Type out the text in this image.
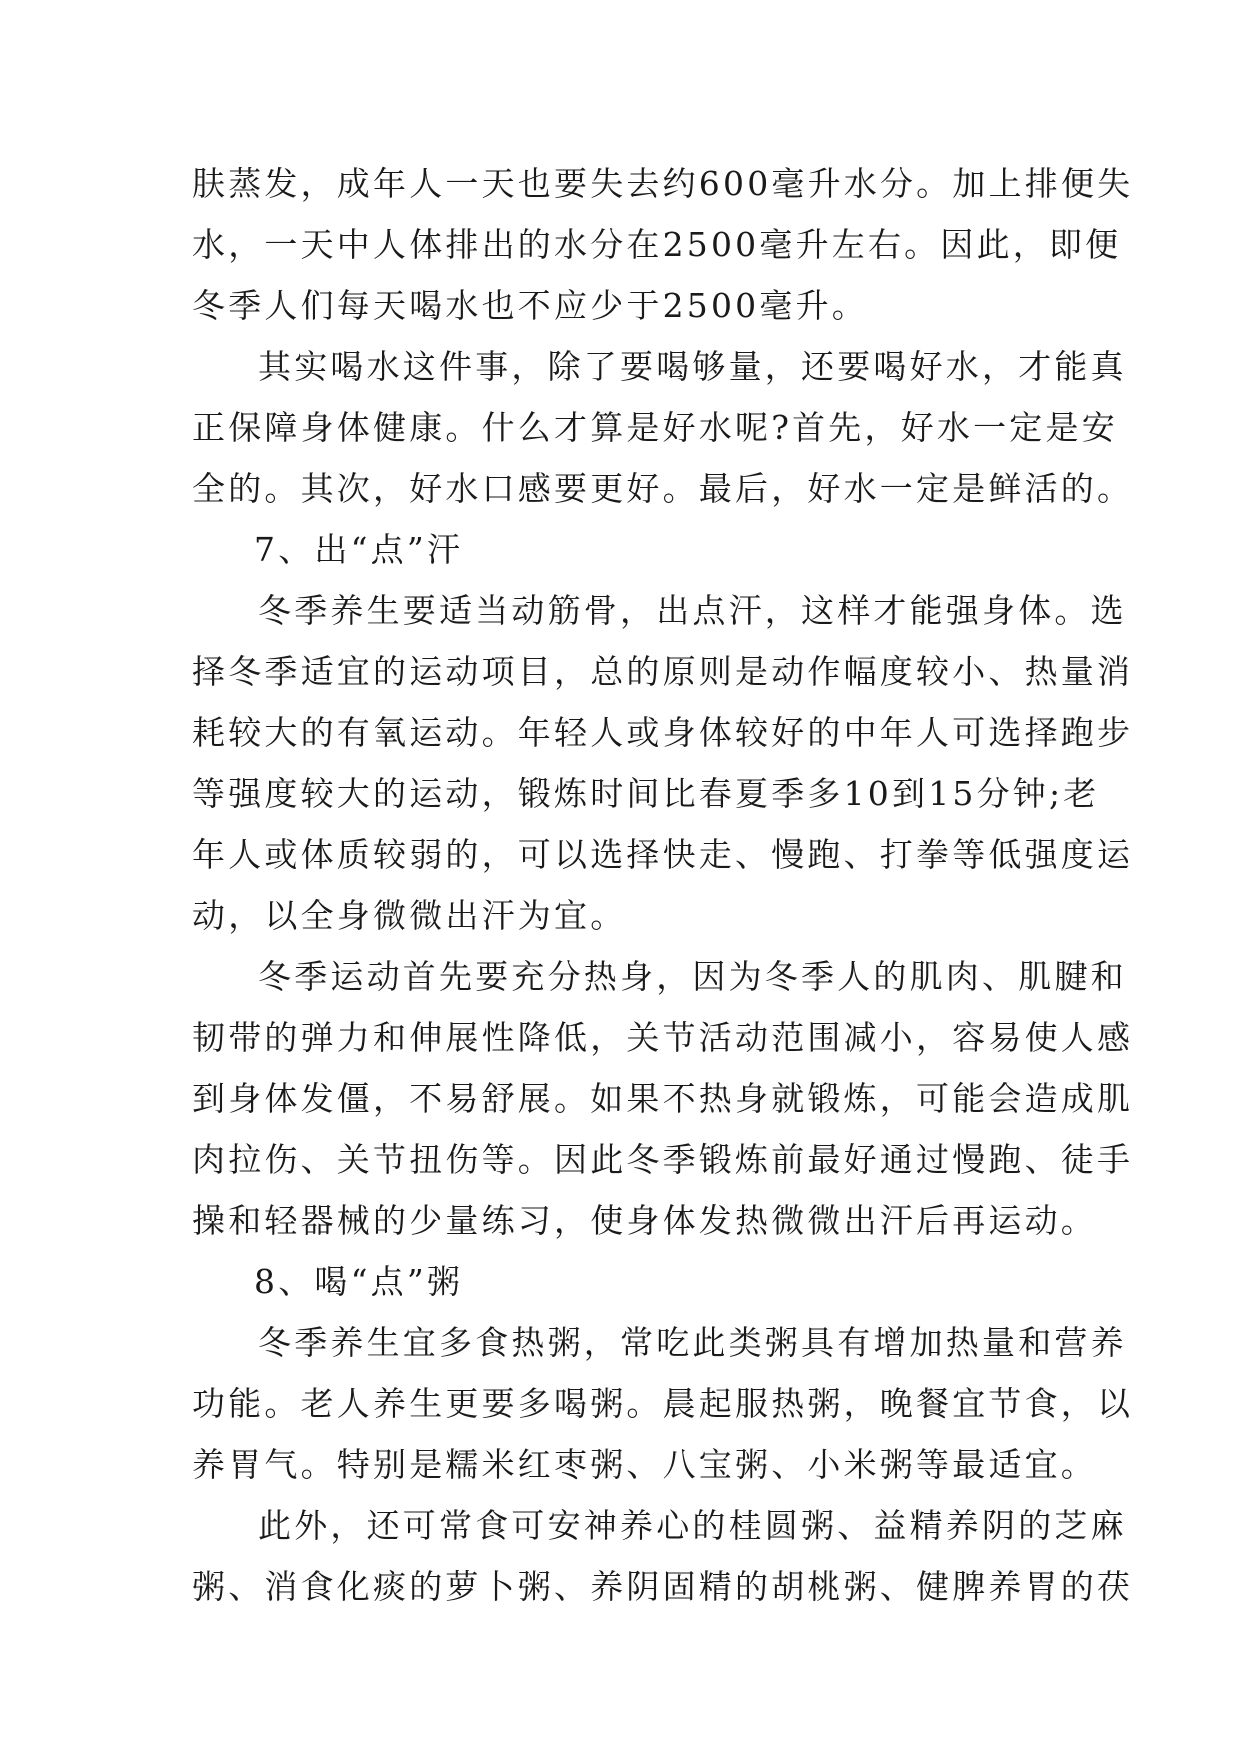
肤蒸发，成年人一天也要失去约600毫升水分。加上排便失
水，一天中人体排出的水分在2500毫升左右。因此，即便
冬季人们每天喝水也不应少于2500毫升。
其实喝水这件事，除了要喝够量，还要喝好水，才能真
正保障身体健康。什么才算是好水呢?首先，好水一定是安
全的。其次，好水口感要更好。最后，好水一定是鲜活的。
7、出“点”汗
冬季养生要适当动筋骨，出点汗，这样才能强身体。选
择冬季适宜的运动项目，总的原则是动作幅度较小、热量消
耗较大的有氧运动。年轻人或身体较好的中年人可选择跑步
等强度较大的运动，锻炼时间比春夏季多10到15分钟;老
年人或体质较弱的，可以选择快走、慢跑、打拳等低强度运
动，以全身微微出汗为宜。
冬季运动首先要充分热身，因为冬季人的肌肉、肌腱和
韧带的弹力和伸展性降低，关节活动范围减小，容易使人感
到身体发僵，不易舒展。如果不热身就锻炼，可能会造成肌
肉拉伤、关节扭伤等。因此冬季锻炼前最好通过慢跑、徒手
操和轻器械的少量练习，使身体发热微微出汗后再运动。
8、喝“点”粥
冬季养生宜多食热粥，常吃此类粥具有增加热量和营养
功能。老人养生更要多喝粥。晨起服热粥，晚餐宜节食，以
养胃气。特别是糯米红枣粥、八宝粥、小米粥等最适宜。
此外，还可常食可安神养心的桂圆粥、益精养阴的芝麻
粥、消食化痰的萝卜粥、养阴固精的胡桃粥、健脾养胃的茯
